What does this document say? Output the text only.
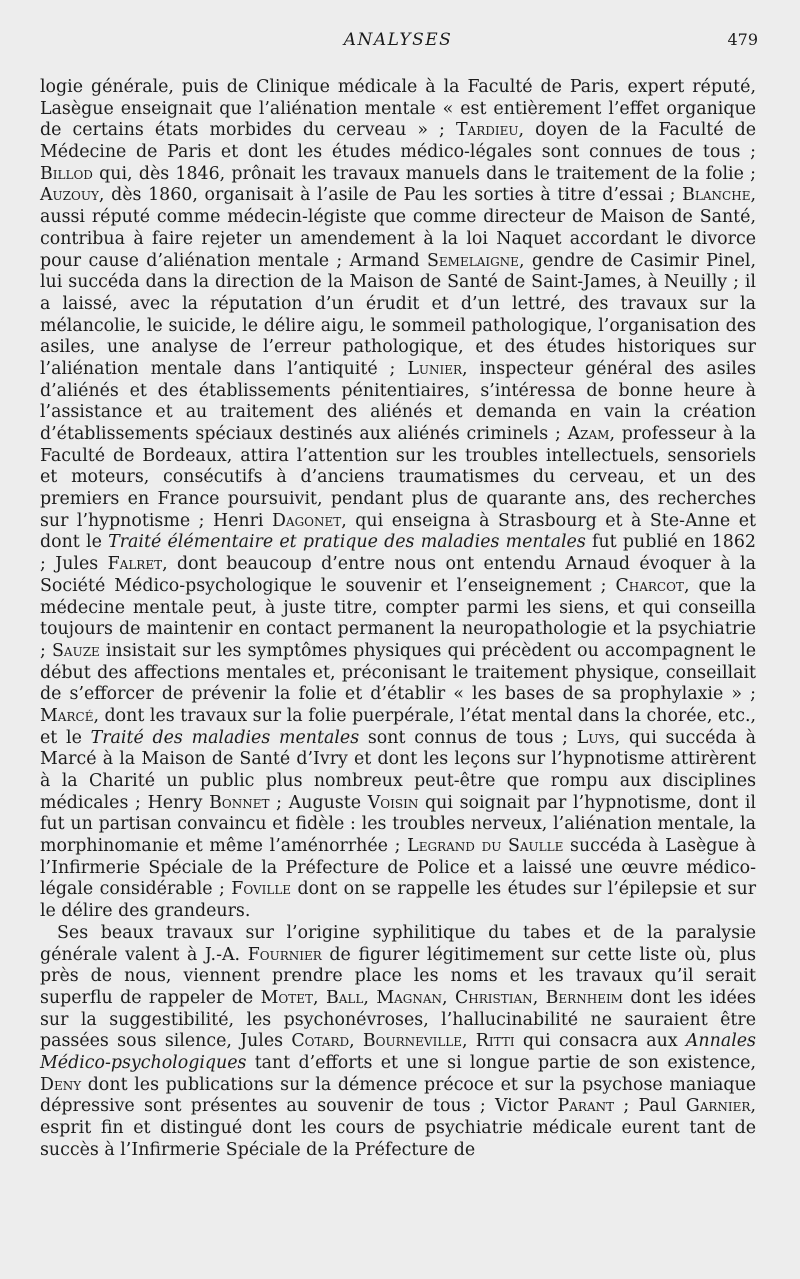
ANALYSES	479

logie générale, puis de Clinique médicale à la Faculté de Paris, expert réputé, Lasègue enseignait que l’aliénation mentale « est entièrement l’effet organique de certains états morbides du cerveau » ; Tardieu, doyen de la Faculté de Médecine de Paris et dont les études médico-légales sont connues de tous ; Billod qui, dès 1846, prônait les travaux manuels dans le traitement de la folie ; Auzouy, dès 1860, organisait à l’asile de Pau les sorties à titre d’essai ; Blanche, aussi réputé comme médecin-légiste que comme directeur de Maison de Santé, contribua à faire rejeter un amendement à la loi Naquet accordant le divorce pour cause d’aliénation mentale ; Armand Semelaigne, gendre de Casimir Pinel, lui succéda dans la direction de la Maison de Santé de Saint-James, à Neuilly ; il a laissé, avec la réputation d’un érudit et d’un lettré, des travaux sur la mélancolie, le suicide, le délire aigu, le sommeil pathologique, l’organisation des asiles, une analyse de l’erreur pathologique, et des études historiques sur l’aliénation mentale dans l’antiquité ; Lunier, inspecteur général des asiles d’aliénés et des établissements pénitentiaires, s’intéressa de bonne heure à l’assistance et au traitement des aliénés et demanda en vain la création d’établissements spéciaux destinés aux aliénés criminels ; Azam, professeur à la Faculté de Bordeaux, attira l’attention sur les troubles intellectuels, sensoriels et moteurs, consécutifs à d’anciens traumatismes du cerveau, et un des premiers en France poursuivit, pendant plus de quarante ans, des recherches sur l’hypnotisme ; Henri Dagonet, qui enseigna à Strasbourg et à Ste-Anne et dont le Traité élémentaire et pratique des maladies mentales fut publié en 1862 ; Jules Falret, dont beaucoup d’entre nous ont entendu Arnaud évoquer à la Société Médico-psychologique le souvenir et l’enseignement ; Charcot, que la médecine mentale peut, à juste titre, compter parmi les siens, et qui conseilla toujours de maintenir en contact permanent la neuropathologie et la psychiatrie ; Sauze insistait sur les symptômes physiques qui précèdent ou accompagnent le début des affections mentales et, préconisant le traitement physique, conseillait de s’efforcer de prévenir la folie et d’établir « les bases de sa prophylaxie » ; Marcé, dont les travaux sur la folie puerpérale, l’état mental dans la chorée, etc., et le Traité des maladies mentales sont connus de tous ; Luys, qui succéda à Marcé à la Maison de Santé d’Ivry et dont les leçons sur l’hypnotisme attirèrent à la Charité un public plus nombreux peut-être que rompu aux disciplines médicales ; Henry Bonnet ; Auguste Voisin qui soignait par l’hypnotisme, dont il fut un partisan convaincu et fidèle : les troubles nerveux, l’aliénation mentale, la morphinomanie et même l’aménorrhée ; Legrand du Saulle succéda à Lasègue à l’Infirmerie Spéciale de la Préfecture de Police et a laissé une œuvre médico-légale considérable ; Foville dont on se rappelle les études sur l’épilepsie et sur le délire des grandeurs.

Ses beaux travaux sur l’origine syphilitique du tabes et de la paralysie générale valent à J.-A. Fournier de figurer légitimement sur cette liste où, plus près de nous, viennent prendre place les noms et les travaux qu’il serait superflu de rappeler de Motet, Ball, Magnan, Christian, Bernheim dont les idées sur la suggestibilité, les psychonévroses, l’hallucinabilité ne sauraient être passées sous silence, Jules Cotard, Bourneville, Ritti qui consacra aux Annales Médico-psychologiques tant d’efforts et une si longue partie de son existence, Deny dont les publications sur la démence précoce et sur la psychose maniaque dépressive sont présentes au souvenir de tous ; Victor Parant ; Paul Garnier, esprit fin et distingué dont les cours de psychiatrie médicale eurent tant de succès à l’Infirmerie Spéciale de la Préfecture de
